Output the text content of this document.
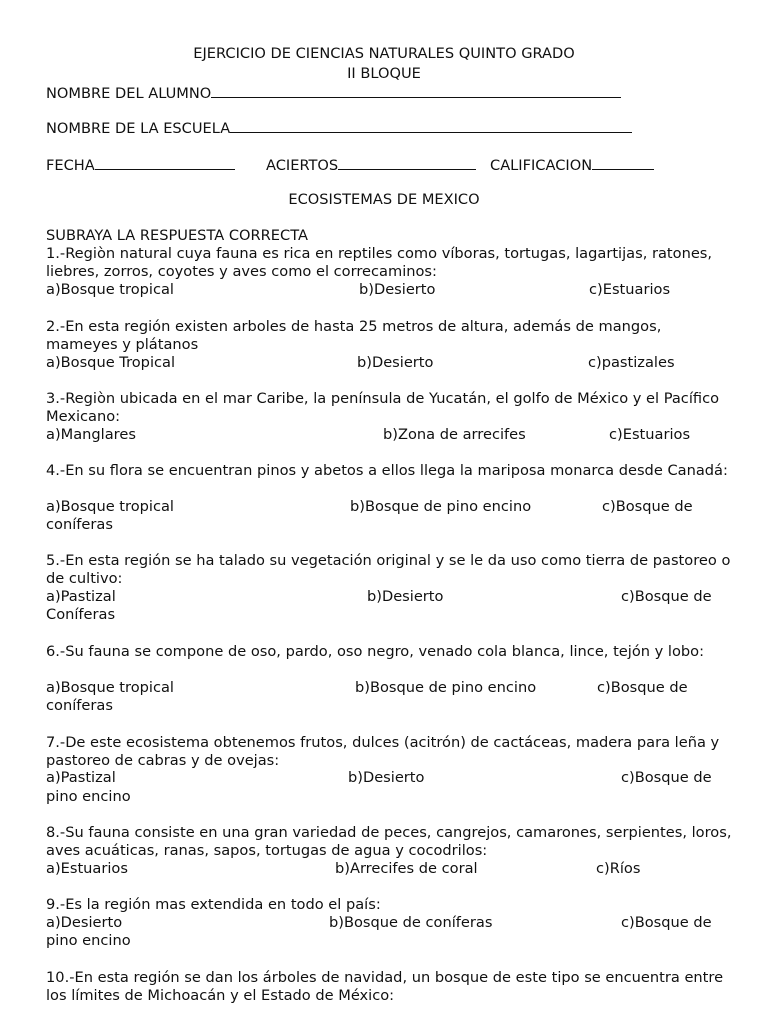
EJERCICIO DE CIENCIAS NATURALES QUINTO GRADO
II BLOQUE
NOMBRE DEL ALUMNO
NOMBRE DE LA ESCUELA
FECHA	ACIERTOS	CALIFICACION
ECOSISTEMAS DE MEXICO
SUBRAYA LA RESPUESTA CORRECTA
1.-Regiòn natural cuya fauna es rica en reptiles como víboras, tortugas, lagartijas, ratones, liebres, zorros, coyotes y aves como el correcaminos:
a)Bosque tropical	b)Desierto	c)Estuarios
2.-En esta región existen arboles de hasta 25 metros de altura, además de mangos, mameyes y plátanos
a)Bosque Tropical	b)Desierto	c)pastizales
3.-Regiòn ubicada en el mar Caribe, la península de Yucatán, el golfo de México y el Pacífico Mexicano:
a)Manglares	b)Zona de arrecifes	c)Estuarios
4.-En su flora se encuentran pinos y abetos a ellos llega la mariposa monarca desde Canadá:
a)Bosque tropical	b)Bosque de pino encino	c)Bosque de
coníferas
5.-En esta región se ha talado su vegetación original y se le da uso como tierra de pastoreo o de cultivo:
a)Pastizal	b)Desierto	c)Bosque de
Coníferas
6.-Su fauna se compone de oso, pardo, oso negro, venado cola blanca, lince, tejón y lobo:
a)Bosque tropical	b)Bosque de pino encino	c)Bosque de
coníferas
7.-De este ecosistema obtenemos frutos, dulces (acitrón) de cactáceas, madera para leña y pastoreo de cabras y de ovejas:
a)Pastizal	b)Desierto	c)Bosque de
pino encino
8.-Su fauna consiste en una gran variedad de peces, cangrejos, camarones, serpientes, loros, aves acuáticas, ranas, sapos, tortugas de agua y cocodrilos:
a)Estuarios	b)Arrecifes de coral	c)Ríos
9.-Es la región mas extendida en todo el país:
a)Desierto	b)Bosque de coníferas	c)Bosque de
pino encino
10.-En esta región se dan los árboles de navidad, un bosque de este tipo se encuentra entre los límites de Michoacán y el Estado de México:
